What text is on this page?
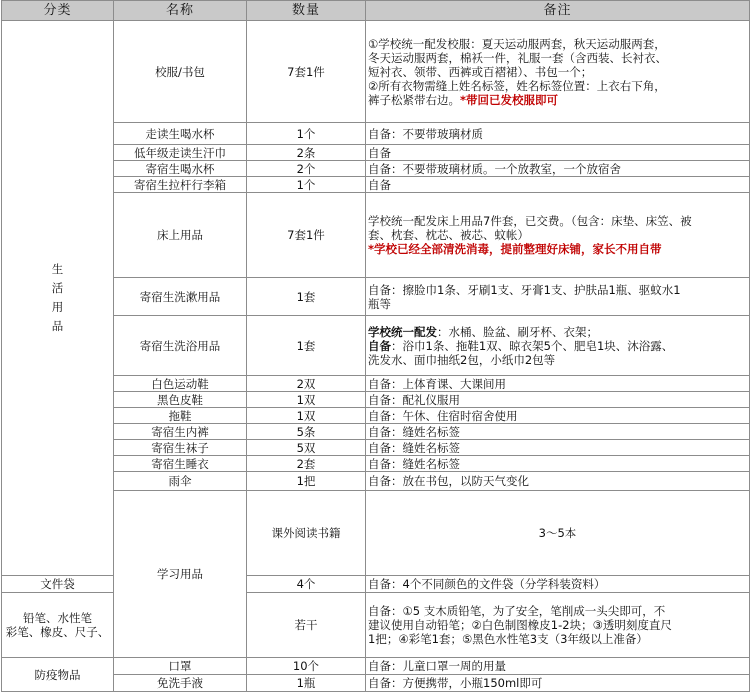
分类	名称	数量	备注	
生活用品	校服/书包	7套1件	①学校统一配发校服：夏天运动服两套，秋天运动服两套，
冬天运动服两套，棉袄一件，礼服一套（含西装、长衬衣、
短衬衣、领带、西裤或百褶裙）、书包一个；
②所有衣物需缝上姓名标签，姓名标签位置：上衣右下角，
裤子松紧带右边。*带回已发校服即可	
	走读生喝水杯	1个	自备：不要带玻璃材质	
	低年级走读生汗巾	2条	自备	
	寄宿生喝水杯	2个	自备：不要带玻璃材质。一个放教室，一个放宿舍	
	寄宿生拉杆行李箱	1个	自备	
	床上用品	7套1件	学校统一配发床上用品7件套，已交费。（包含：床垫、床笠、被
套、枕套、枕芯、被芯、蚊帐）
*学校已经全部清洗消毒，提前整理好床铺，家长不用自带	

	寄宿生洗漱用品	1套	自备：擦脸巾1条、牙刷1支、牙膏1支、护肤品1瓶、驱蚊水1
瓶等	

	寄宿生洗浴用品	1套	学校统一配发：水桶、脸盆、刷牙杯、衣架；
自备：浴巾1条、拖鞋1双、晾衣架5个、肥皂1块、沐浴露、
洗发水、面巾抽纸2包，小纸巾2包等	

	白色运动鞋	2双	自备：上体育课、大课间用	
	黑色皮鞋	1双	自备：配礼仪服用	
	拖鞋	1双	自备：午休、住宿时宿舍使用	
	寄宿生内裤	5条	自备：缝姓名标签	
	寄宿生袜子	5双	自备：缝姓名标签	
	寄宿生睡衣	2套	自备：缝姓名标签	
	雨伞	1把	自备：放在书包，以防天气变化	
	学习用品	课外阅读书籍	3～5本	
文件袋		4个	自备：4个不同颜色的文件袋（分学科装资料）	

铅笔、水性笔
彩笔、橡皮、尺子、		若干	自备：①5 支木质铅笔，为了安全，笔削成一头尖即可，不
建议使用自动铅笔；②白色制图橡皮1-2块；③透明刻度直尺
1把；④彩笔1套；⑤黑色水性笔3支（3年级以上准备）	

防疫物品	口罩	10个	自备：儿童口罩一周的用量	
	免洗手液	1瓶	自备：方便携带，小瓶150ml即可	
